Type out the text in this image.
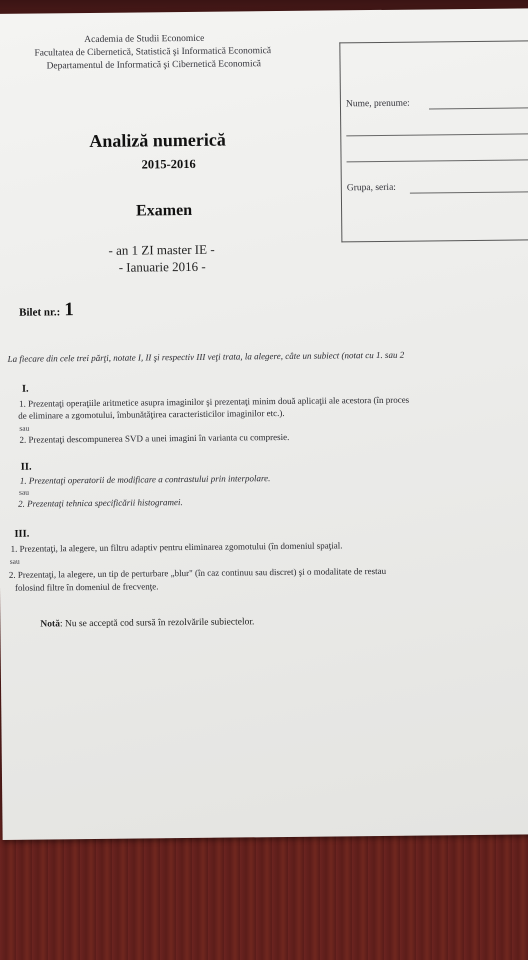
Academia de Studii Economice
Facultatea de Cibernetică, Statistică şi Informatică Economică
Departamentul de Informatică şi Cibernetică Economică
Nume, prenume:
Grupa, seria:
Analiză numerică
2015-2016
Examen
- an 1 ZI master IE -
- Ianuarie 2016 -
Bilet nr.: 1
La fiecare din cele trei părţi, notate I, II şi respectiv III veţi trata, la alegere, câte un subiect (notat cu 1. sau 2
I.
1. Prezentaţi operaţiile aritmetice asupra imaginilor şi prezentaţi minim două aplicaţii ale acestora (în proces
de eliminare a zgomotului, îmbunătăţirea caracteristicilor imaginilor etc.).
sau
2. Prezentaţi descompunerea SVD a unei imagini în varianta cu compresie.
II.
1. Prezentaţi operatorii de modificare a contrastului prin interpolare.
sau
2. Prezentaţi tehnica specificării histogramei.
III.
1. Prezentaţi, la alegere, un filtru adaptiv pentru eliminarea zgomotului (în domeniul spaţial.
sau
2. Prezentaţi, la alegere, un tip de perturbare „blur" (în caz continuu sau discret) şi o modalitate de restau
folosind filtre în domeniul de frecvenţe.
Notă: Nu se acceptă cod sursă în rezolvările subiectelor.
